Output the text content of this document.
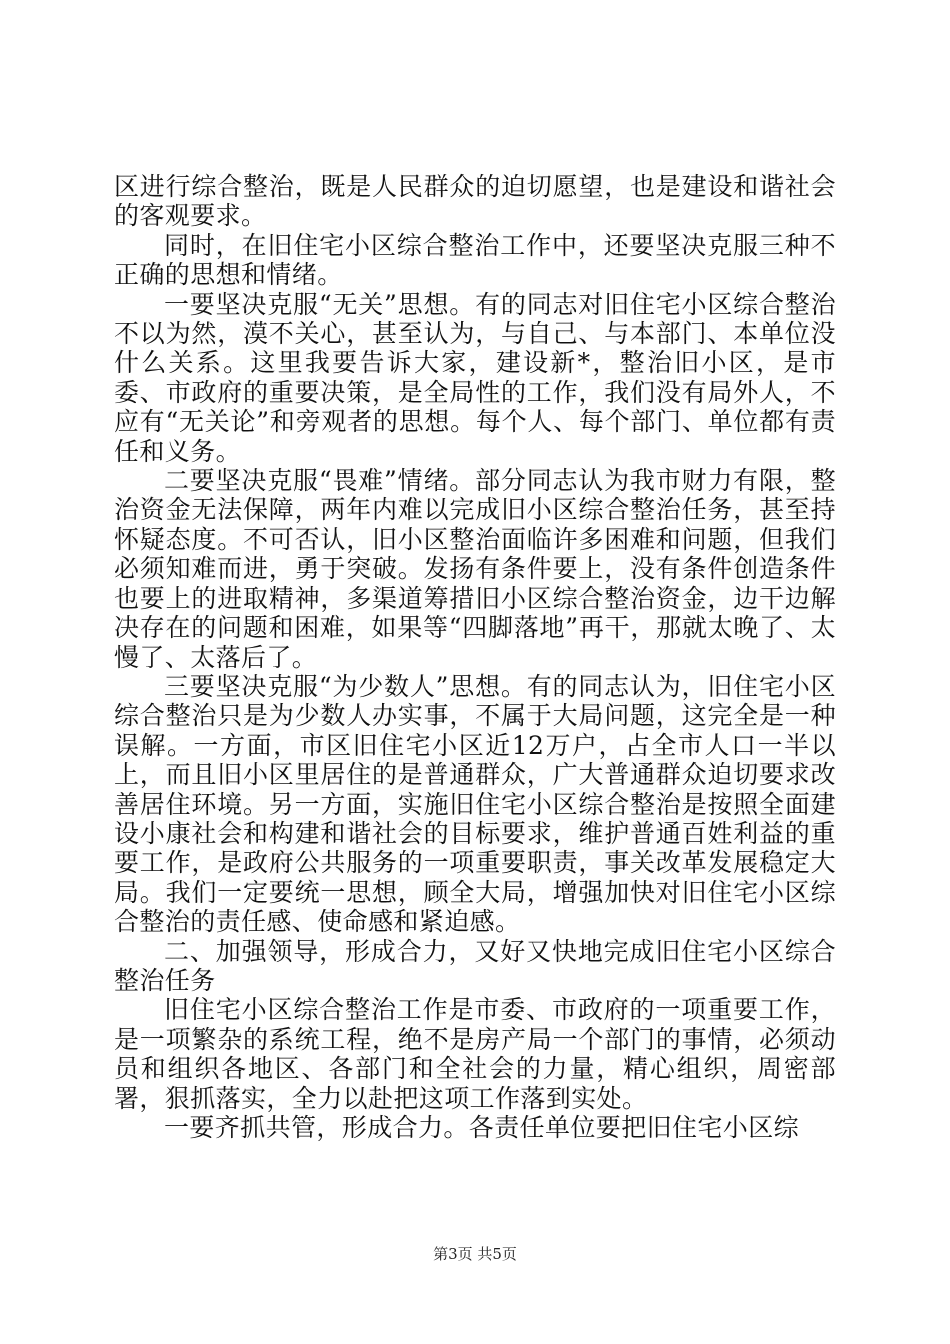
区进行综合整治，既是人民群众的迫切愿望，也是建设和谐社会的客观要求。

同时，在旧住宅小区综合整治工作中，还要坚决克服三种不正确的思想和情绪。

一要坚决克服“无关”思想。有的同志对旧住宅小区综合整治不以为然，漠不关心，甚至认为，与自己、与本部门、本单位没什么关系。这里我要告诉大家，建设新*，整治旧小区，是市委、市政府的重要决策，是全局性的工作，我们没有局外人，不应有“无关论”和旁观者的思想。每个人、每个部门、单位都有责任和义务。

二要坚决克服“畏难”情绪。部分同志认为我市财力有限，整治资金无法保障，两年内难以完成旧小区综合整治任务，甚至持怀疑态度。不可否认，旧小区整治面临许多困难和问题，但我们必须知难而进，勇于突破。发扬有条件要上，没有条件创造条件也要上的进取精神，多渠道筹措旧小区综合整治资金，边干边解决存在的问题和困难，如果等“四脚落地”再干，那就太晚了、太慢了、太落后了。

三要坚决克服“为少数人”思想。有的同志认为，旧住宅小区综合整治只是为少数人办实事，不属于大局问题，这完全是一种误解。一方面，市区旧住宅小区近12万户，占全市人口一半以上，而且旧小区里居住的是普通群众，广大普通群众迫切要求改善居住环境。另一方面，实施旧住宅小区综合整治是按照全面建设小康社会和构建和谐社会的目标要求，维护普通百姓利益的重要工作，是政府公共服务的一项重要职责，事关改革发展稳定大局。我们一定要统一思想，顾全大局，增强加快对旧住宅小区综合整治的责任感、使命感和紧迫感。

二、加强领导，形成合力，又好又快地完成旧住宅小区综合整治任务

旧住宅小区综合整治工作是市委、市政府的一项重要工作，是一项繁杂的系统工程，绝不是房产局一个部门的事情，必须动员和组织各地区、各部门和全社会的力量，精心组织，周密部署，狠抓落实，全力以赴把这项工作落到实处。

一要齐抓共管，形成合力。各责任单位要把旧住宅小区综

第3页 共5页
